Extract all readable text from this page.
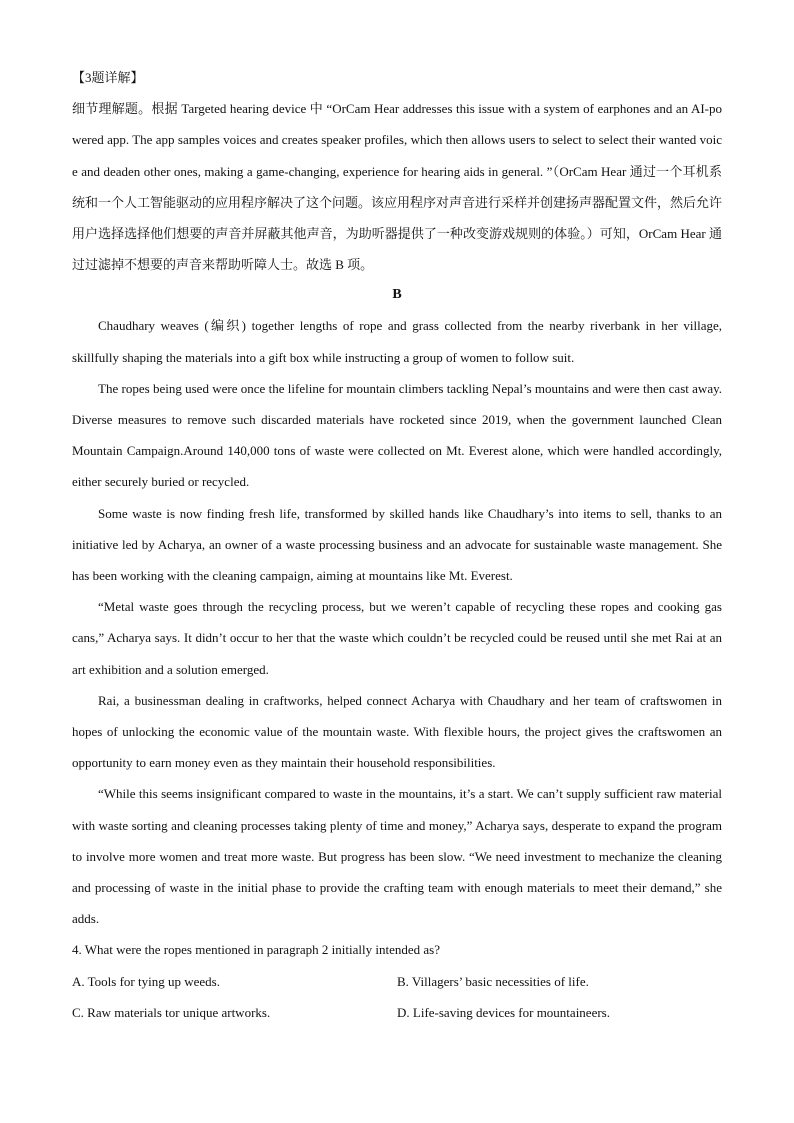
【3题详解】

细节理解题。根据 Targeted hearing device 中 “OrCam Hear addresses this issue with a system of earphones and an AI-powered app. The app samples voices and creates speaker profiles, which then allows users to select to select their wanted voice and deaden other ones, making a game-changing, experience for hearing aids in general. ”（OrCam Hear 通过一个耳机系统和一个人工智能驱动的应用程序解决了这个问题。该应用程序对声音进行采样并创建扬声器配置文件，然后允许用户选择选择他们想要的声音并屏蔽其他声音，为助听器提供了一种改变游戏规则的体验。）可知，OrCam Hear 通过过滤掉不想要的声音来帮助听障人士。故选 B 项。

B

Chaudhary weaves (编织) together lengths of rope and grass collected from the nearby riverbank in her village, skillfully shaping the materials into a gift box while instructing a group of women to follow suit.

The ropes being used were once the lifeline for mountain climbers tackling Nepal’s mountains and were then cast away. Diverse measures to remove such discarded materials have rocketed since 2019, when the government launched Clean Mountain Campaign.Around 140,000 tons of waste were collected on Mt. Everest alone, which were handled accordingly, either securely buried or recycled.

Some waste is now finding fresh life, transformed by skilled hands like Chaudhary’s into items to sell, thanks to an initiative led by Acharya, an owner of a waste processing business and an advocate for sustainable waste management. She has been working with the cleaning campaign, aiming at mountains like Mt. Everest.

“Metal waste goes through the recycling process, but we weren’t capable of recycling these ropes and cooking gas cans,” Acharya says. It didn’t occur to her that the waste which couldn’t be recycled could be reused until she met Rai at an art exhibition and a solution emerged.

Rai, a businessman dealing in craftworks, helped connect Acharya with Chaudhary and her team of craftswomen in hopes of unlocking the economic value of the mountain waste. With flexible hours, the project gives the craftswomen an opportunity to earn money even as they maintain their household responsibilities.

“While this seems insignificant compared to waste in the mountains, it’s a start. We can’t supply sufficient raw material with waste sorting and cleaning processes taking plenty of time and money,” Acharya says, desperate to expand the program to involve more women and treat more waste. But progress has been slow. “We need investment to mechanize the cleaning and processing of waste in the initial phase to provide the crafting team with enough materials to meet their demand,” she adds.

4. What were the ropes mentioned in paragraph 2 initially intended as?

A. Tools for tying up weeds.	B. Villagers’ basic necessities of life.

C. Raw materials tor unique artworks.	D. Life-saving devices for mountaineers.
